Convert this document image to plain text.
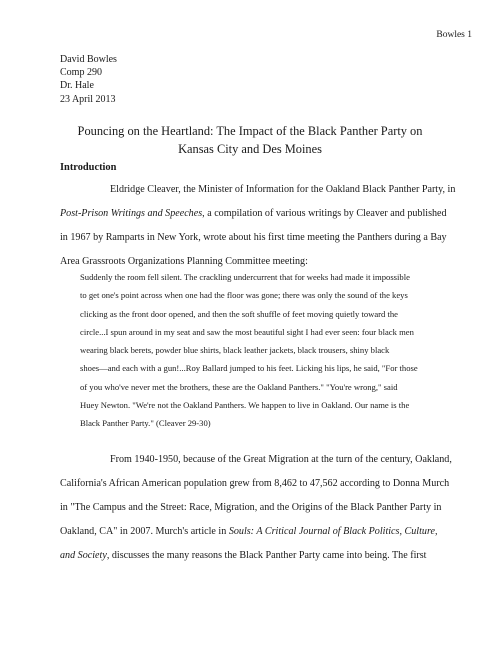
Bowles 1
David Bowles
Comp 290
Dr. Hale
23 April 2013
Pouncing on the Heartland: The Impact of the Black Panther Party on
Kansas City and Des Moines
Introduction
Eldridge Cleaver, the Minister of Information for the Oakland Black Panther Party, in
Post-Prison Writings and Speeches, a compilation of various writings by Cleaver and published
in 1967 by Ramparts in New York, wrote about his first time meeting the Panthers during a Bay
Area Grassroots Organizations Planning Committee meeting:
Suddenly the room fell silent. The crackling undercurrent that for weeks had made it impossible
to get one's point across when one had the floor was gone; there was only the sound of the keys
clicking as the front door opened, and then the soft shuffle of feet moving quietly toward the
circle...I spun around in my seat and saw the most beautiful sight I had ever seen: four black men
wearing black berets, powder blue shirts, black leather jackets, black trousers, shiny black
shoes—and each with a gun!...Roy Ballard jumped to his feet. Licking his lips, he said, "For those
of you who've never met the brothers, these are the Oakland Panthers." "You're wrong," said
Huey Newton. "We're not the Oakland Panthers. We happen to live in Oakland. Our name is the
Black Panther Party." (Cleaver 29-30)
From 1940-1950, because of the Great Migration at the turn of the century, Oakland,
California's African American population grew from 8,462 to 47,562 according to Donna Murch
in "The Campus and the Street: Race, Migration, and the Origins of the Black Panther Party in
Oakland, CA" in 2007. Murch's article in Souls: A Critical Journal of Black Politics, Culture,
and Society, discusses the many reasons the Black Panther Party came into being. The first
